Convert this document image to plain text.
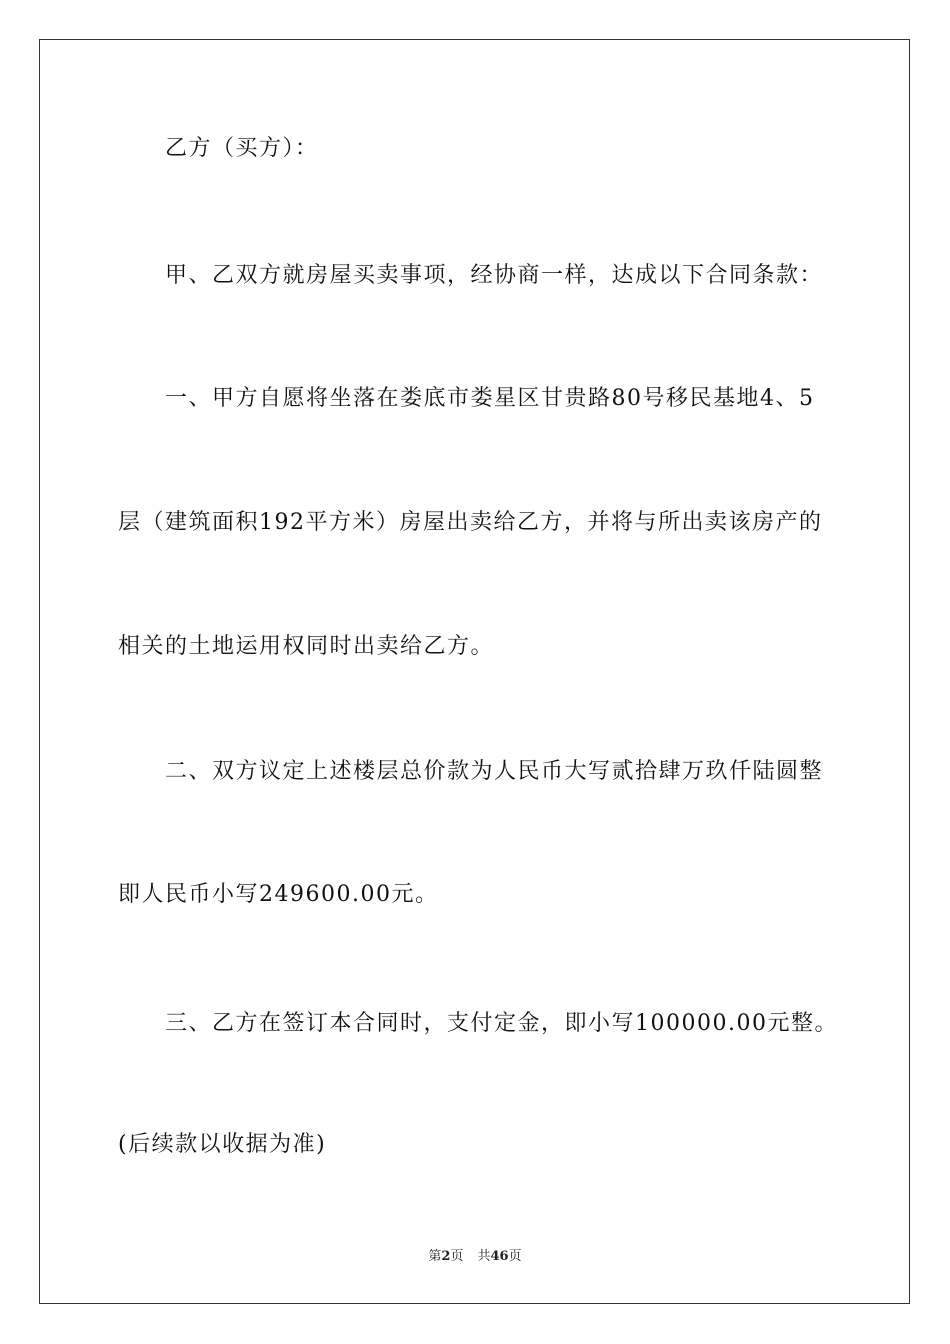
乙方（买方）：
甲、乙双方就房屋买卖事项，经协商一样，达成以下合同条款：
一、甲方自愿将坐落在娄底市娄星区甘贵路80号移民基地4、5
层（建筑面积192平方米）房屋出卖给乙方，并将与所出卖该房产的
相关的土地运用权同时出卖给乙方。
二、双方议定上述楼层总价款为人民币大写贰拾肆万玖仟陆圆整
即人民币小写249600.00元。
三、乙方在签订本合同时，支付定金，即小写100000.00元整。
(后续款以收据为准)
第2页 共46页
